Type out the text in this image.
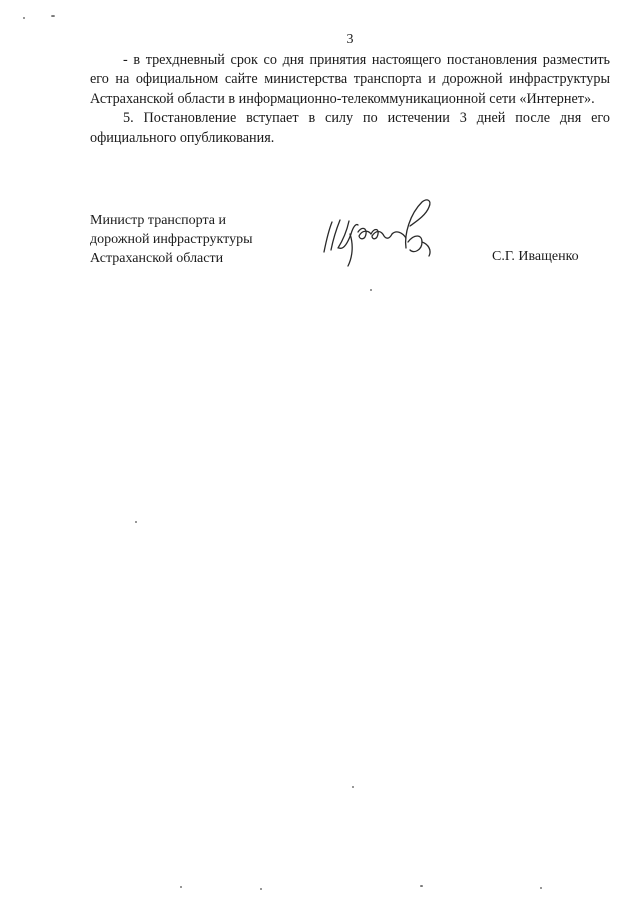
3

- в трехдневный срок со дня принятия настоящего постановления разместить его на официальном сайте министерства транспорта и дорожной инфраструктуры Астраханской области в информационно-телекоммуникационной сети «Интернет».

5. Постановление вступает в силу по истечении 3 дней после дня его официального опубликования.

Министр транспорта и
дорожной инфраструктуры
Астраханской области	С.Г. Иващенко
